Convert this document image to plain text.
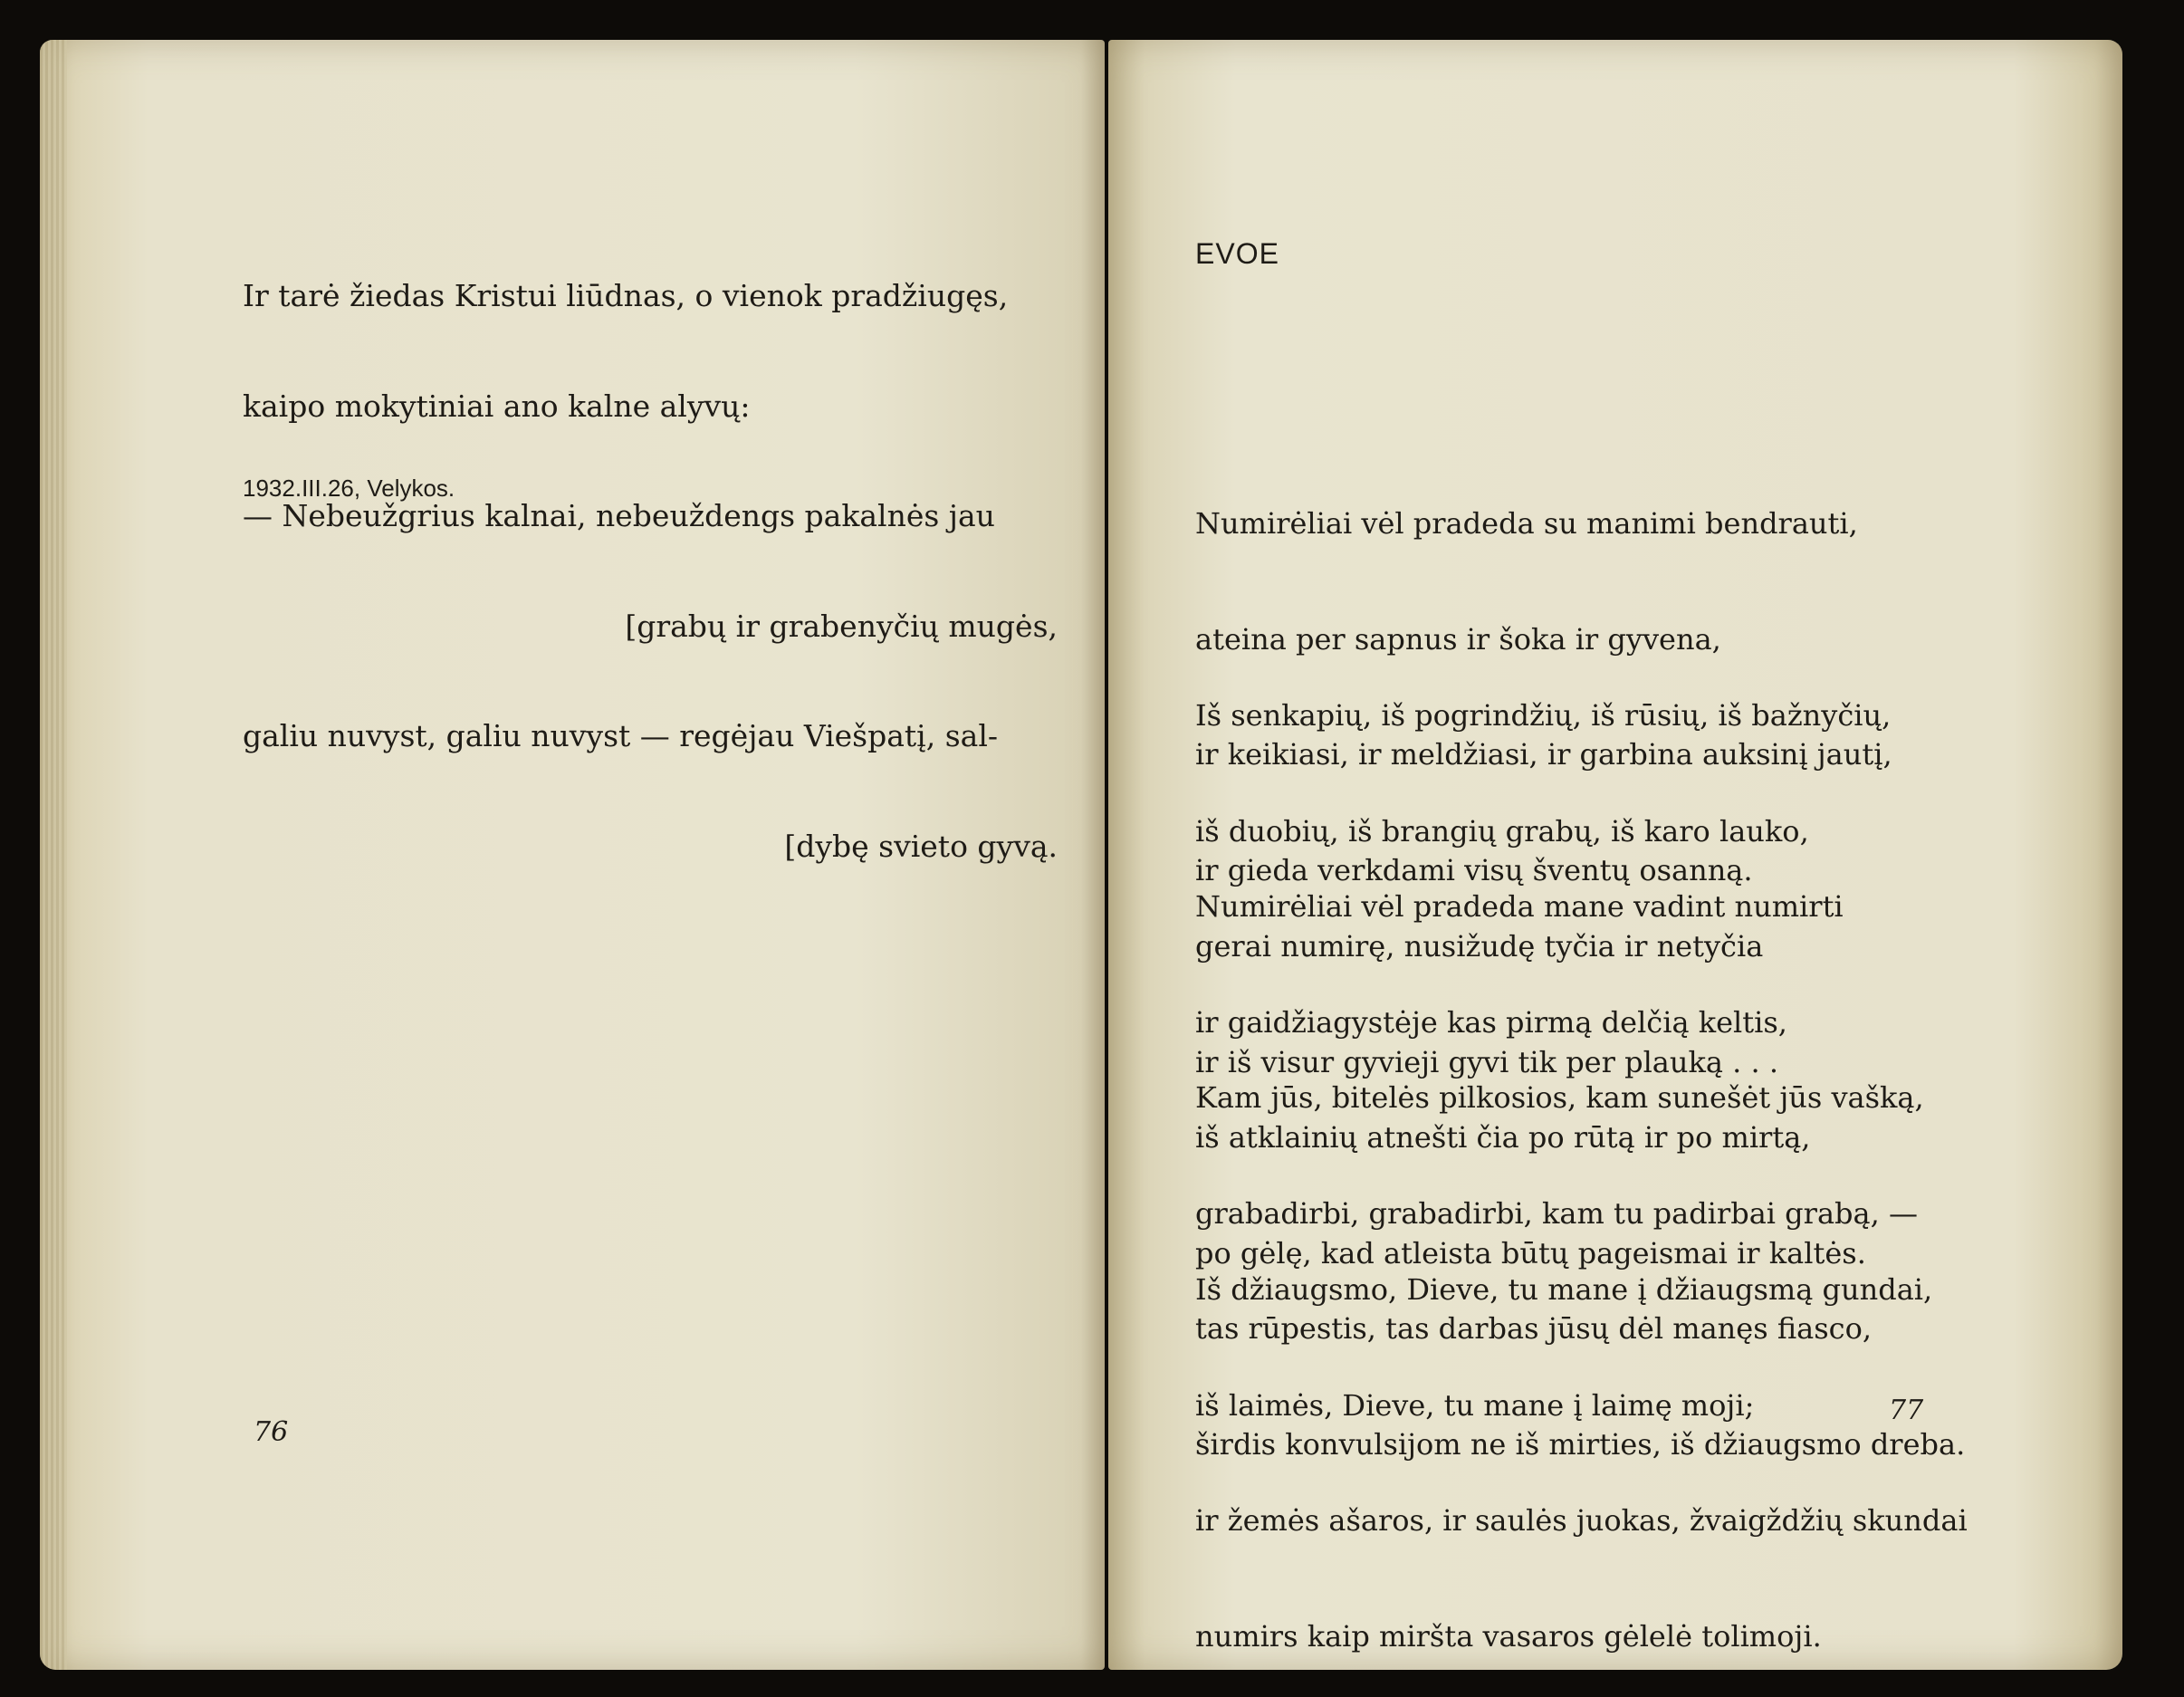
Ir tarė žiedas Kristui liūdnas, o vienok pradžiugęs,

kaipo mokytiniai ano kalne alyvų:

— Nebeužgrius kalnai, nebeuždengs pakalnės jau

[grabų ir grabenyčių mugės,

galiu nuvyst, galiu nuvyst — regėjau Viešpatį, sal-

[dybę svieto gyvą.

1932.III.26, Velykos.
76
EVOE

Numirėliai vėl pradeda su manimi bendrauti,

ateina per sapnus ir šoka ir gyvena,

ir keikiasi, ir meldžiasi, ir garbina auksinį jautį,

ir gieda verkdami visų šventų osanną.

Iš senkapių, iš pogrindžių, iš rūsių, iš bažnyčių,

iš duobių, iš brangių grabų, iš karo lauko,

gerai numirę, nusižudę tyčia ir netyčia

ir iš visur gyvieji gyvi tik per plauką . . .

Numirėliai vėl pradeda mane vadint numirti

ir gaidžiagystėje kas pirmą delčią keltis,

iš atklainių atnešti čia po rūtą ir po mirtą,

po gėlę, kad atleista būtų pageismai ir kaltės.

Kam jūs, bitelės pilkosios, kam sunešėt jūs vašką,

grabadirbi, grabadirbi, kam tu padirbai grabą, —

tas rūpestis, tas darbas jūsų dėl manęs fiasco,

širdis konvulsijom ne iš mirties, iš džiaugsmo dreba.

Iš džiaugsmo, Dieve, tu mane į džiaugsmą gundai,

iš laimės, Dieve, tu mane į laimę moji;

ir žemės ašaros, ir saulės juokas, žvaigždžių skundai

numirs kaip miršta vasaros gėlelė tolimoji.

77
